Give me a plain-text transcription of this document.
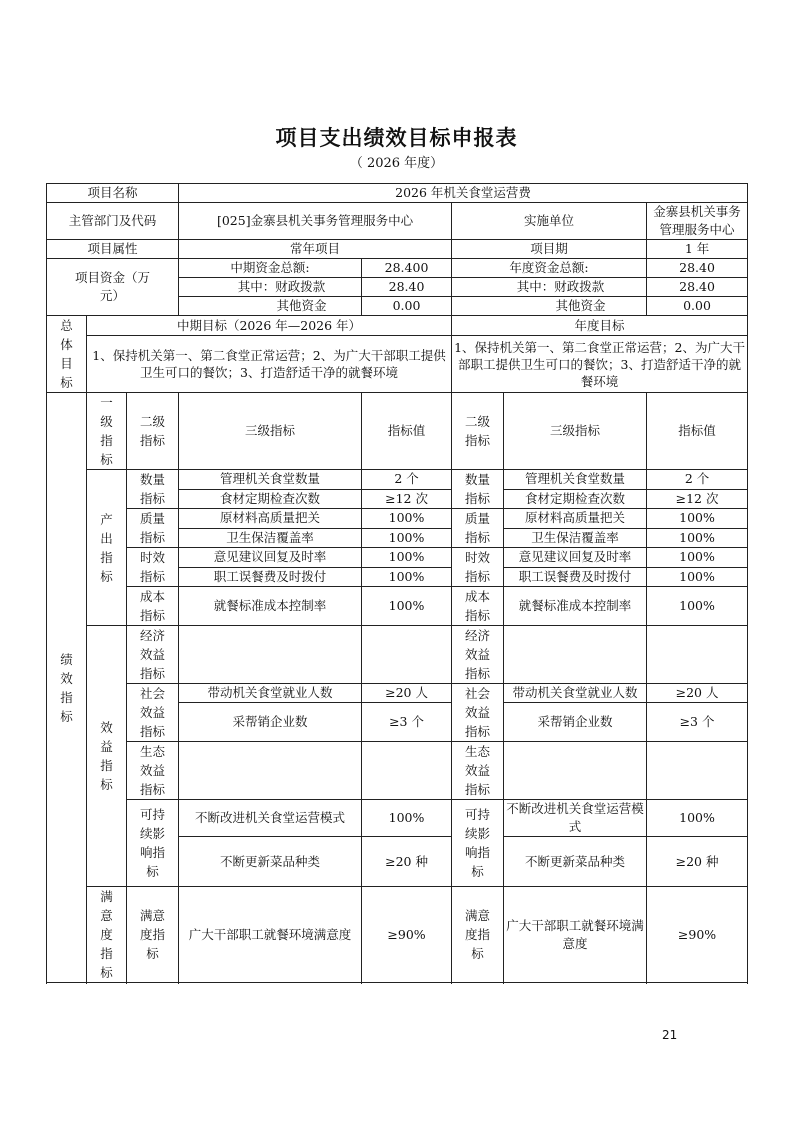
项目支出绩效目标申报表
（ 2026 年度）
项目名称			2026 年机关食堂运营费				
主管部门及代码			[025]金寨县机关事务管理服务中心		实施单位		金寨县机关事务管理服务中心
项目属性			常年项目		项目期		1 年
项目资金（万元）			中期资金总额:	28.400	年度资金总额:		28.40
			其中：财政拨款	28.40	其中：财政拨款		28.40
			其他资金	0.00	其他资金		0.00
总体目标	中期目标（2026 年—2026 年）				年度目标		
	1、保持机关第一、第二食堂正常运营；2、为广大干部职工提供卫生可口的餐饮；3、打造舒适干净的就餐环境				1、保持机关第一、第二食堂正常运营；2、为广大干部职工提供卫生可口的餐饮；3、打造舒适干净的就餐环境		
绩效指标	一级指标	二级指标	三级指标	指标值	二级指标	三级指标	指标值
	产出指标	数量指标	管理机关食堂数量	2 个	数量指标	管理机关食堂数量	2 个
			食材定期检查次数	≥12 次		食材定期检查次数	≥12 次
		质量指标	原材料高质量把关	100%	质量指标	原材料高质量把关	100%
			卫生保洁覆盖率	100%		卫生保洁覆盖率	100%
		时效指标	意见建议回复及时率	100%	时效指标	意见建议回复及时率	100%
			职工误餐费及时拨付	100%		职工误餐费及时拨付	100%
		成本指标	就餐标准成本控制率	100%	成本指标	就餐标准成本控制率	100%

	效益指标	经济效益指标			经济效益指标		
		社会效益指标	带动机关食堂就业人数	≥20 人	社会效益指标	带动机关食堂就业人数	≥20 人
			采帮销企业数	≥3 个		采帮销企业数	≥3 个

		生态效益指标			生态效益指标		
		可持续影响指标	不断改进机关食堂运营模式	100%	可持续影响指标	不断改进机关食堂运营模式	100%
			不断更新菜品种类	≥20 种		不断更新菜品种类	≥20 种

	满意度指标	满意度指标	广大干部职工就餐环境满意度	≥90%	满意度指标	广大干部职工就餐环境满意度	≥90%

21
